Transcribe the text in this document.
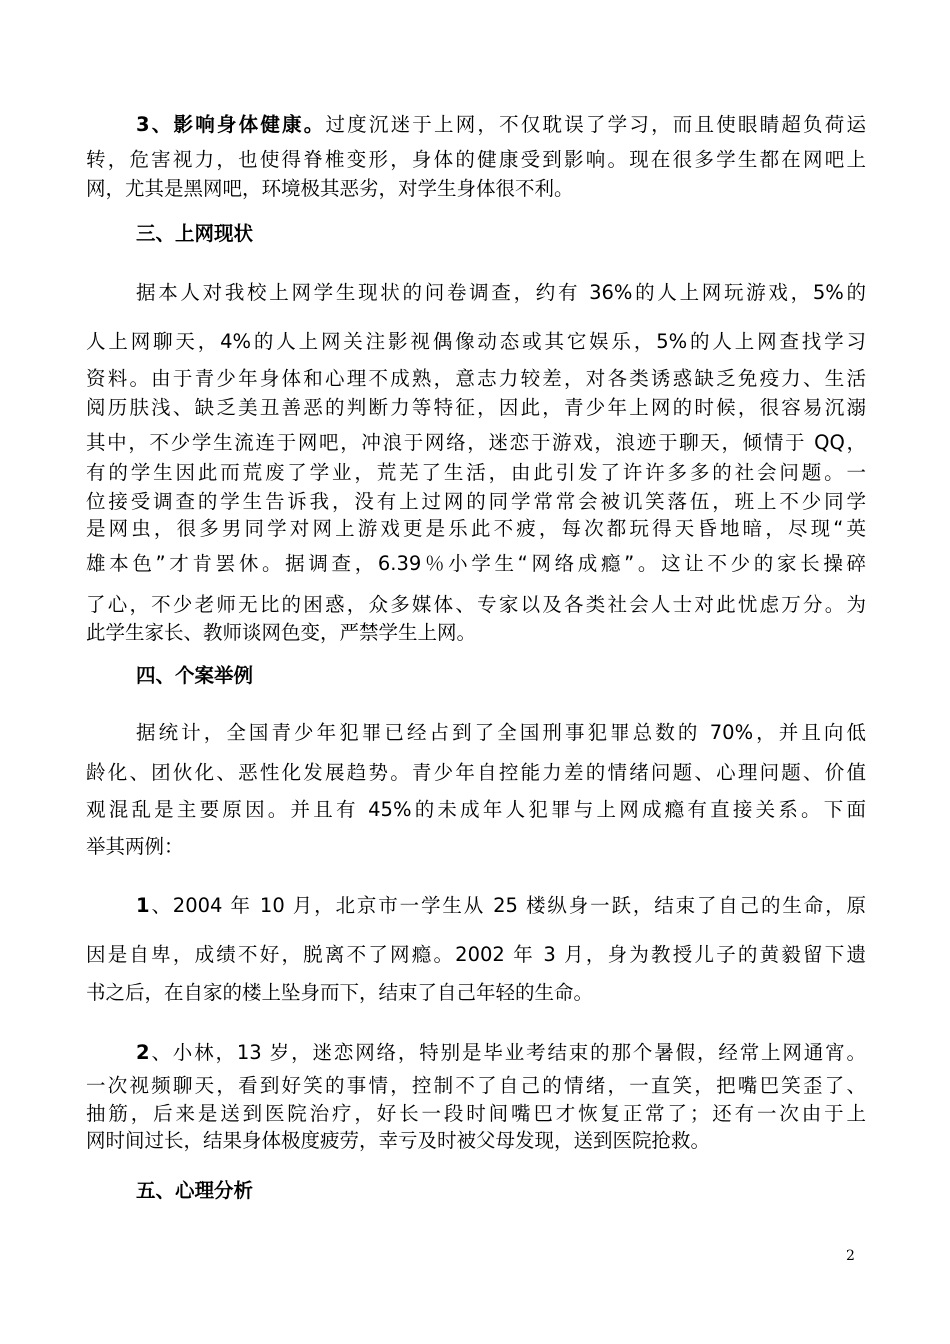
3、影响身体健康。过度沉迷于上网，不仅耽误了学习，而且使眼睛超负荷运
转，危害视力，也使得脊椎变形，身体的健康受到影响。现在很多学生都在网吧上
网，尤其是黑网吧，环境极其恶劣，对学生身体很不利。
三、上网现状
据本人对我校上网学生现状的问卷调查，约有 36%的人上网玩游戏，5%的
人上网聊天，4%的人上网关注影视偶像动态或其它娱乐，5%的人上网查找学习
资料。由于青少年身体和心理不成熟，意志力较差，对各类诱惑缺乏免疫力、生活
阅历肤浅、缺乏美丑善恶的判断力等特征，因此，青少年上网的时候，很容易沉溺
其中，不少学生流连于网吧，冲浪于网络，迷恋于游戏，浪迹于聊天，倾情于 QQ，
有的学生因此而荒废了学业，荒芜了生活，由此引发了许许多多的社会问题。一
位接受调查的学生告诉我，没有上过网的同学常常会被讥笑落伍，班上不少同学
是网虫，很多男同学对网上游戏更是乐此不疲，每次都玩得天昏地暗，尽现“英
雄本色”才肯罢休。据调查，6.39％小学生“网络成瘾”。这让不少的家长操碎
了心，不少老师无比的困惑，众多媒体、专家以及各类社会人士对此忧虑万分。为
此学生家长、教师谈网色变，严禁学生上网。
四、个案举例
据统计，全国青少年犯罪已经占到了全国刑事犯罪总数的 70%，并且向低
龄化、团伙化、恶性化发展趋势。青少年自控能力差的情绪问题、心理问题、价值
观混乱是主要原因。并且有 45%的未成年人犯罪与上网成瘾有直接关系。下面
举其两例：
1、2004 年 10 月，北京市一学生从 25 楼纵身一跃，结束了自己的生命，原
因是自卑，成绩不好，脱离不了网瘾。2002 年 3 月，身为教授儿子的黄毅留下遗
书之后，在自家的楼上坠身而下，结束了自己年轻的生命。
2、小林，13 岁，迷恋网络，特别是毕业考结束的那个暑假，经常上网通宵。
一次视频聊天，看到好笑的事情，控制不了自己的情绪，一直笑，把嘴巴笑歪了、
抽筋，后来是送到医院治疗，好长一段时间嘴巴才恢复正常了；还有一次由于上
网时间过长，结果身体极度疲劳，幸亏及时被父母发现，送到医院抢救。
五、心理分析
2
